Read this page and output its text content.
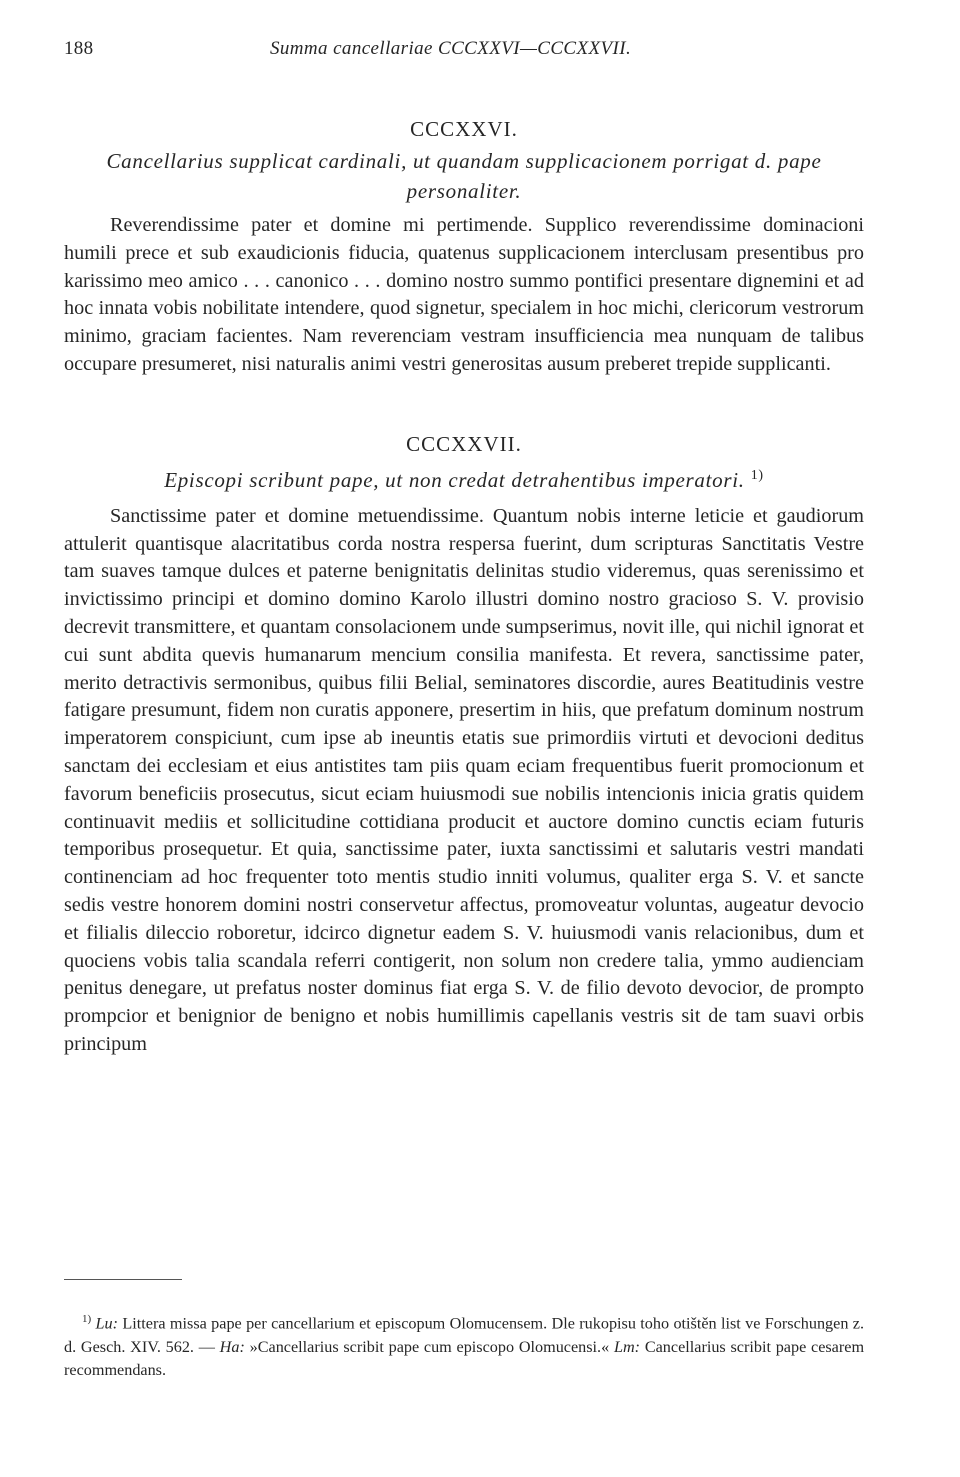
188	Summa cancellariae CCCXXVI—CCCXXVII.
CCCXXVI.
Cancellarius supplicat cardinali, ut quandam supplicacionem porrigat d. pape personaliter.

Reverendissime pater et domine mi pertimende. Supplico reverendissime dominacioni humili prece et sub exaudicionis fiducia, quatenus supplicacionem interclusam presentibus pro karissimo meo amico . . . canonico . . . domino nostro summo pontifici presentare dignemini et ad hoc innata vobis nobilitate intendere, quod signetur, specialem in hoc michi, clericorum vestrorum minimo, graciam facientes. Nam reverenciam vestram insufficiencia mea nunquam de talibus occupare presumeret, nisi naturalis animi vestri generositas ausum preberet trepide supplicanti.

CCCXXVII.
Episcopi scribunt pape, ut non credat detrahentibus imperatori. $^{1)}$

Sanctissime pater et domine metuendissime. Quantum nobis interne leticie et gaudiorum attulerit quantisque alacritatibus corda nostra respersa fuerint, dum scripturas Sanctitatis Vestre tam suaves tamque dulces et paterne benignitatis delinitas studio videremus, quas serenissimo et invictissimo principi et domino domino Karolo illustri domino nostro gracioso S. V. provisio decrevit transmittere, et quantam consolacionem unde sumpserimus, novit ille, qui nichil ignorat et cui sunt abdita quevis humanarum mencium consilia manifesta. Et revera, sanctissime pater, merito detractivis sermonibus, quibus filii Belial, seminatores discordie, aures Beatitudinis vestre fatigare presumunt, fidem non curatis apponere, presertim in hiis, que prefatum dominum nostrum imperatorem conspiciunt, cum ipse ab ineuntis etatis sue primordiis virtuti et devocioni deditus sanctam dei ecclesiam et eius antistites tam piis quam eciam frequentibus fuerit promocionum et favorum beneficiis prosecutus, sicut eciam huiusmodi sue nobilis intencionis inicia gratis quidem continuavit mediis et sollicitudine cottidiana producit et auctore domino cunctis eciam futuris temporibus prosequetur. Et quia, sanctissime pater, iuxta sanctissimi et salutaris vestri mandati continenciam ad hoc frequenter toto mentis studio inniti volumus, qualiter erga S. V. et sancte sedis vestre honorem domini nostri conservetur affectus, promoveatur voluntas, augeatur devocio et filialis dileccio roboretur, idcirco dignetur eadem S. V. huiusmodi vanis relacionibus, dum et quociens vobis talia scandala referri contigerit, non solum non credere talia, ymmo audienciam penitus denegare, ut prefatus noster dominus fiat erga S. V. de filio devoto devocior, de prompto prompcior et benignior de benigno et nobis humillimis capellanis vestris sit de tam suavi orbis principum

$^{1)}$ Lu: Littera missa pape per cancellarium et episcopum Olomucensem. Dle rukopisu toho otištěn list ve Forschungen z. d. Gesch. XIV. 562. — Ha: »Cancellarius scribit pape cum episcopo Olomucensi.« Lm: Cancellarius scribit pape cesarem recommendans.
